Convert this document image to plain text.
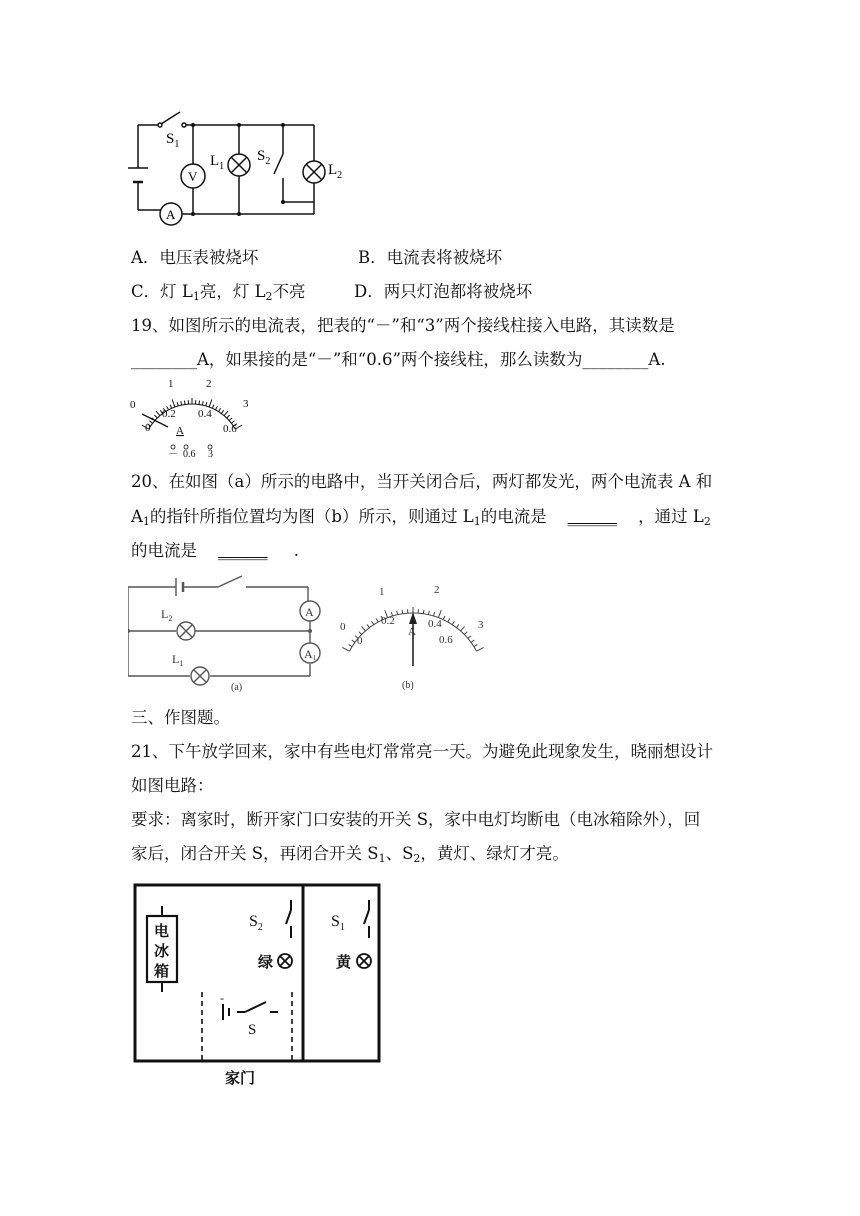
$S_1$
$L_1$
$S_2$
$L_2$
V
A
A．电压表被烧坏	B．电流表将被烧坏
C．灯 $L_1$亮，灯 $L_2$不亮	D．两只灯泡都将被烧坏
19、如图所示的电流表，把表的“－”和“3”两个接线柱接入电路，其读数是
________A，如果接的是“－”和“0.6”两个接线柱，那么读数为________A.
0
1	2
3
0
0.2 0.4
0.6
A
－ 0.6 3
20、在如图（a）所示的电路中，当开关闭合后，两灯都发光，两个电流表 A 和
$A_1$的指针所指位置均为图（b）所示，则通过 $L_1$的电流是 ______ ，通过 $L_2$
的电流是 ______ .
$L_2$
$L_1$
A
A1
(a)
0
1	2
3
0
0.2	0.4
0.6
A
(b)
三、作图题。
21、下午放学回来，家中有些电灯常常亮一天。为避免此现象发生，晓丽想设计
如图电路：
要求：离家时，断开家门口安装的开关 S，家中电灯均断电（电冰箱除外），回
家后，闭合开关 S，再闭合开关 $S_1$、$S_2$，黄灯、绿灯才亮。
电
冰
箱
$S_2$
绿
$S_1$
黄
-
S
家门
